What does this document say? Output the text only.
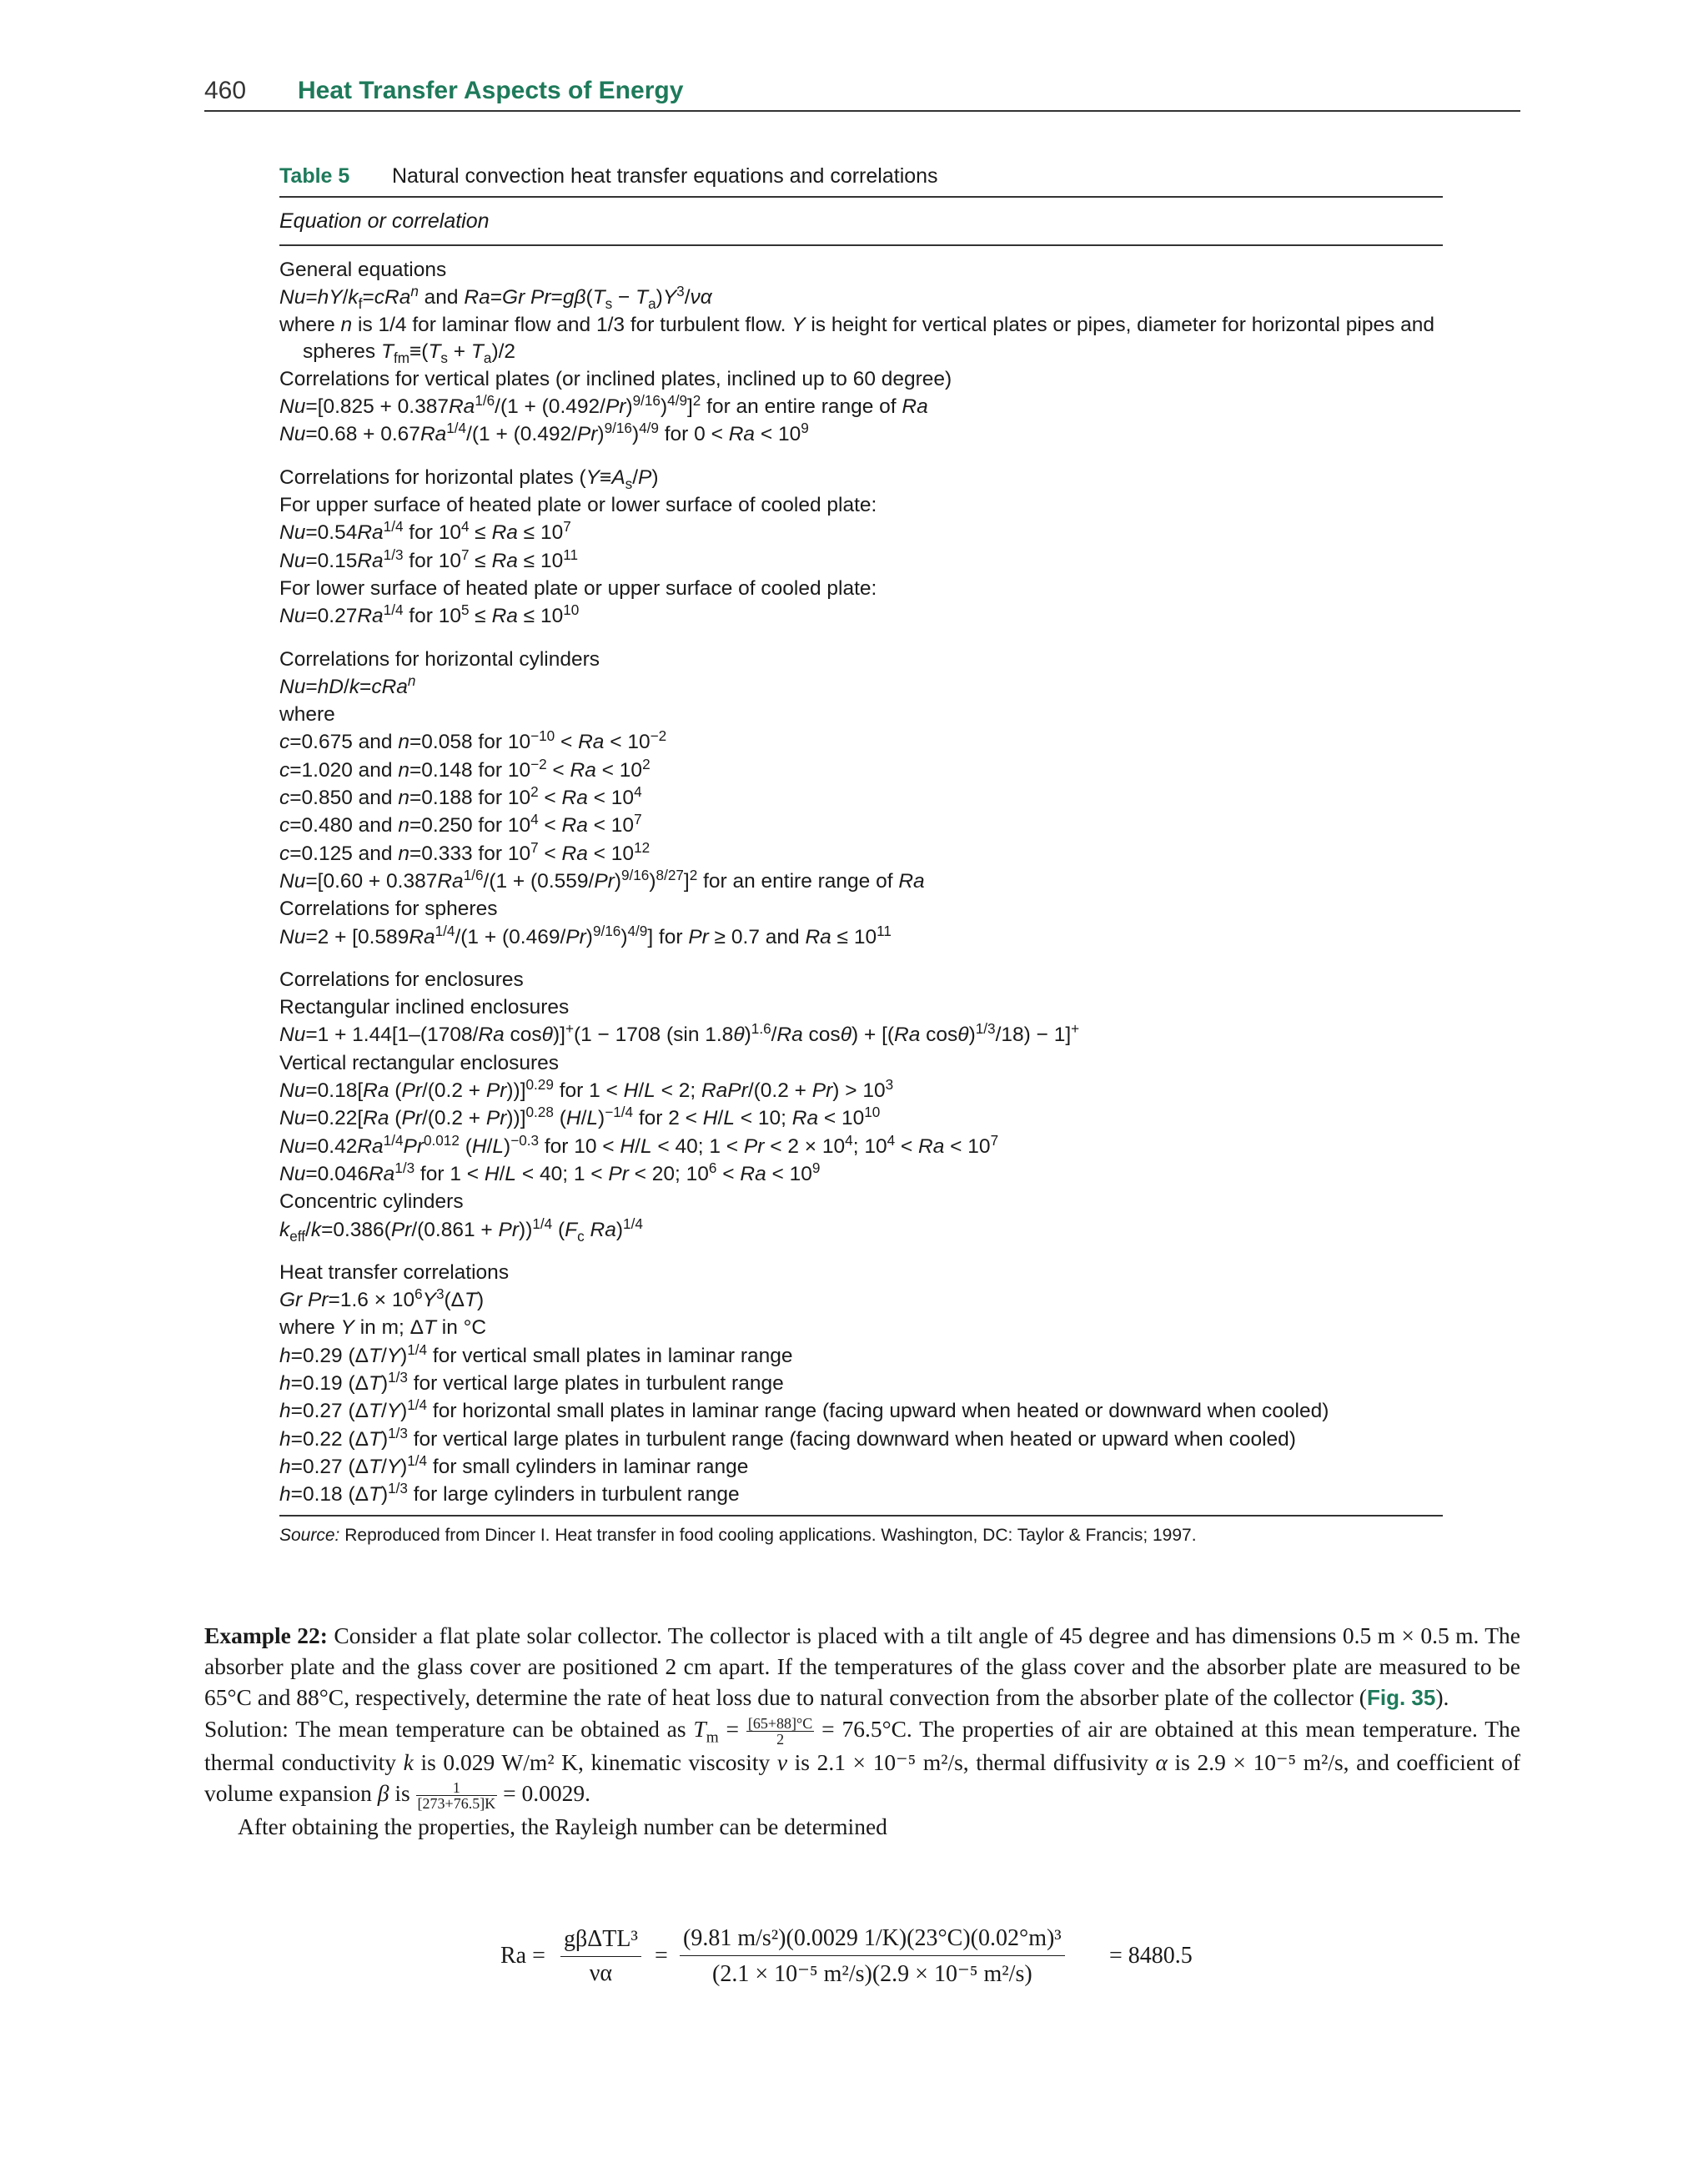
460 Heat Transfer Aspects of Energy
Table 5 Natural convection heat transfer equations and correlations
Equation or correlation
General equations
$Nu=hY/k_f=cRa^n$ and Ra=Gr $Pr=g\beta(T_s - T_a)Y^3/\nu\alpha$
where n is 1/4 for laminar flow and 1/3 for turbulent flow. Y is height for vertical plates or pipes, diameter for horizontal pipes and
spheres $T_{fm}\equiv(T_s + T_a)/2$
Correlations for vertical plates (or inclined plates, inclined up to 60 degree)
$Nu=[0.825 + 0.387Ra^{1/6}/(1 + (0.492/Pr)^{9/16})^{4/9}]^2$ for an entire range of Ra
$Nu=0.68 + 0.67Ra^{1/4}/(1 + (0.492/Pr)^{9/16})^{4/9}$ for $0 < Ra < 10^9$
Correlations for horizontal plates $(Y\equiv A_s/P)$
For upper surface of heated plate or lower surface of cooled plate:
$Nu=0.54Ra^{1/4}$ for $10^4 \le Ra \le 10^7$
$Nu=0.15Ra^{1/3}$ for $10^7 \le Ra \le 10^{11}$
For lower surface of heated plate or upper surface of cooled plate:
$Nu=0.27Ra^{1/4}$ for $10^5 \le Ra \le 10^{10}$
Correlations for horizontal cylinders
Nu=hD/k=cRa$^n$
where
c=0.675 and n=0.058 for $10^{-10} < Ra < 10^{-2}$
c=1.020 and n=0.148 for $10^{-2} < Ra < 10^2$
c=0.850 and n=0.188 for $10^2 < Ra < 10^4$
c=0.480 and n=0.250 for $10^4 < Ra < 10^7$
c=0.125 and n=0.333 for $10^7 < Ra < 10^{12}$
$Nu=[0.60 + 0.387Ra^{1/6}/(1 + (0.559/Pr)^{9/16})^{8/27}]^2$ for an entire range of Ra
Correlations for spheres
$Nu=2 + [0.589Ra^{1/4}/(1 + (0.469/Pr)^{9/16})^{4/9}]$ for Pr ≥ 0.7 and $Ra \le 10^{11}$
Correlations for enclosures
Rectangular inclined enclosures
Nu=1 + 1.44[1–(1708/Ra cosθ)]+(1 − 1708 (sin 1.8θ)$^{1.6}$/Ra cosθ) + [(Ra cosθ)$^{1/3}$/18) − 1]+
Vertical rectangular enclosures
Nu=0.18[Ra (Pr/(0.2 + Pr))]$^{0.29}$ for 1 < H/L < 2; RaPr/(0.2 + $Pr) > 10^3$
Nu=0.22[Ra (Pr/(0.2 + Pr))]$^{0.28}$ $(H/L)^{-1/4}$ for 2 < H/L < 10; $Ra < 10^{10}$
$Nu=0.42Ra^{1/4}Pr^{0.012}$ $(H/L)^{-0.3}$ for 10 < H/L < 40; $1 < Pr < 2 \times 10^4$; $10^4 < Ra < 10^7$
$Nu=0.046Ra^{1/3}$ for 1 < H/L < 40; 1 < Pr < 20; $10^6 < Ra < 10^9$
Concentric cylinders
$k_{eff}/k=0.386(Pr/(0.861 + Pr))^{1/4}$ ($F_c$ Ra)$^{1/4}$
Heat transfer correlations
Gr $Pr=1.6 \times 10^6Y^3(\Delta T)$
where Y in m; ΔT in °C
h=0.29 $(\Delta T/Y)^{1/4}$ for vertical small plates in laminar range
h=0.19 $(\Delta T)^{1/3}$ for vertical large plates in turbulent range
h=0.27 $(\Delta T/Y)^{1/4}$ for horizontal small plates in laminar range (facing upward when heated or downward when cooled)
h=0.22 $(\Delta T)^{1/3}$ for vertical large plates in turbulent range (facing downward when heated or upward when cooled)
h=0.27 $(\Delta T/Y)^{1/4}$ for small cylinders in laminar range
h=0.18 $(\Delta T)^{1/3}$ for large cylinders in turbulent range
Source: Reproduced from Dincer I. Heat transfer in food cooling applications. Washington, DC: Taylor & Francis; 1997.

Example 22: Consider a flat plate solar collector. The collector is placed with a tilt angle of 45 degree and has dimensions 0.5 m × 0.5 m. The absorber plate and the glass cover are positioned 2 cm apart. If the temperatures of the glass cover and the absorber plate are measured to be 65°C and 88°C, respectively, determine the rate of heat loss due to natural convection from the absorber plate of the collector (Fig. 35).

Solution: The mean temperature can be obtained as $T_m = \frac{[65+88]^\circ C}{2} = 76.5^\circ C$. The properties of air are obtained at this mean temperature. The thermal conductivity k is 0.029 W/m² K, kinematic viscosity v is 2.1 × 10⁻⁵ m²/s, thermal diffusivity α is 2.9 × 10⁻⁵ m²/s, and coefficient of volume expansion β is $\frac{1}{[273+76.5]K} = 0.0029$.

After obtaining the properties, the Rayleigh number can be determined

Ra =
gβΔTL³
να
=
(9.81 m/s²)(0.0029 1/K)(23°C)(0.02°m)³
(2.1 × 10⁻⁵ m²/s)(2.9 × 10⁻⁵ m²/s)
= 8480.5
